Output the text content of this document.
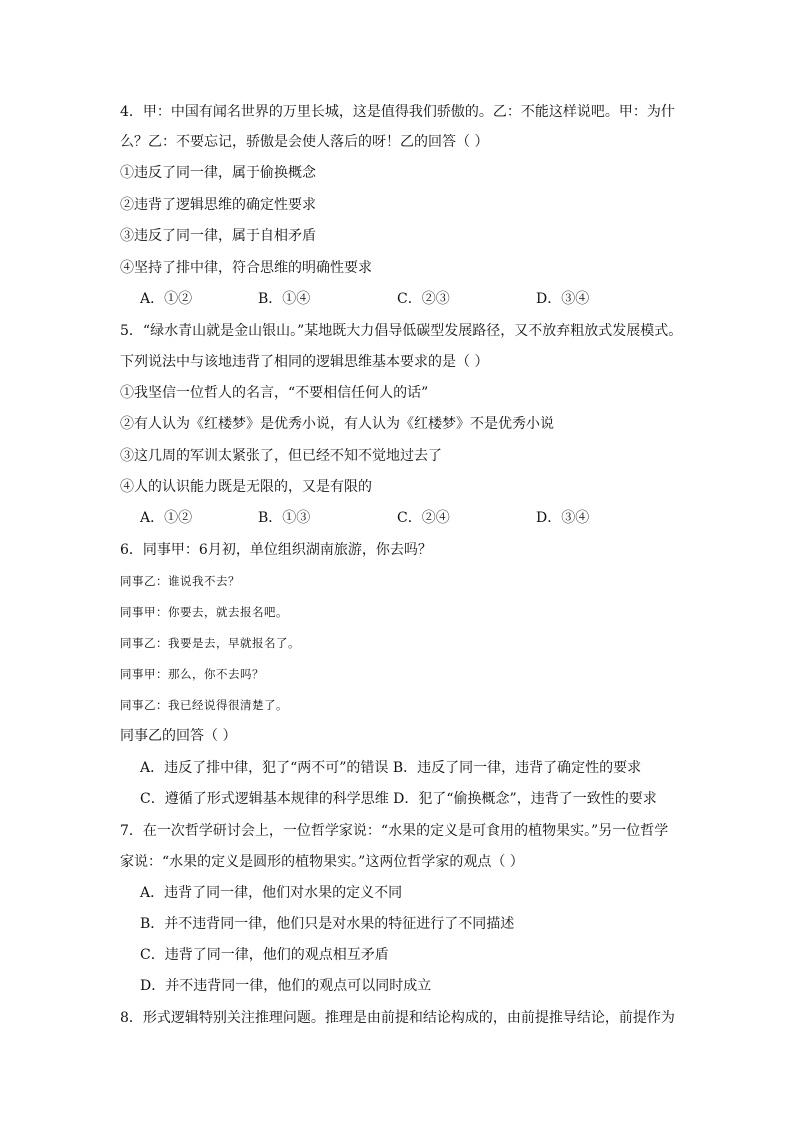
4．甲：中国有闻名世界的万里长城，这是值得我们骄傲的。乙：不能这样说吧。甲：为什
么？乙：不要忘记，骄傲是会使人落后的呀！乙的回答（ ）
①违反了同一律，属于偷换概念
②违背了逻辑思维的确定性要求
③违反了同一律，属于自相矛盾
④坚持了排中律，符合思维的明确性要求
A．①②	B．①④	C．②③	D．③④
5．“绿水青山就是金山银山。”某地既大力倡导低碳型发展路径，又不放弃粗放式发展模式。
下列说法中与该地违背了相同的逻辑思维基本要求的是（ ）
①我坚信一位哲人的名言，“不要相信任何人的话”
②有人认为《红楼梦》是优秀小说，有人认为《红楼梦》不是优秀小说
③这几周的军训太紧张了，但已经不知不觉地过去了
④人的认识能力既是无限的，又是有限的
A．①②	B．①③	C．②④	D．③④
6．同事甲：6月初，单位组织湖南旅游，你去吗？
同事乙：谁说我不去？
同事甲：你要去，就去报名吧。
同事乙：我要是去，早就报名了。
同事甲：那么，你不去吗？
同事乙：我已经说得很清楚了。
同事乙的回答（ ）
A．违反了排中律，犯了“两不可”的错误 B．违反了同一律，违背了确定性的要求
C．遵循了形式逻辑基本规律的科学思维 D．犯了“偷换概念”，违背了一致性的要求
7．在一次哲学研讨会上，一位哲学家说：“水果的定义是可食用的植物果实。”另一位哲学
家说：“水果的定义是圆形的植物果实。”这两位哲学家的观点（ ）
A．违背了同一律，他们对水果的定义不同
B．并不违背同一律，他们只是对水果的特征进行了不同描述
C．违背了同一律，他们的观点相互矛盾
D．并不违背同一律，他们的观点可以同时成立
8．形式逻辑特别关注推理问题。推理是由前提和结论构成的，由前提推导结论，前提作为
